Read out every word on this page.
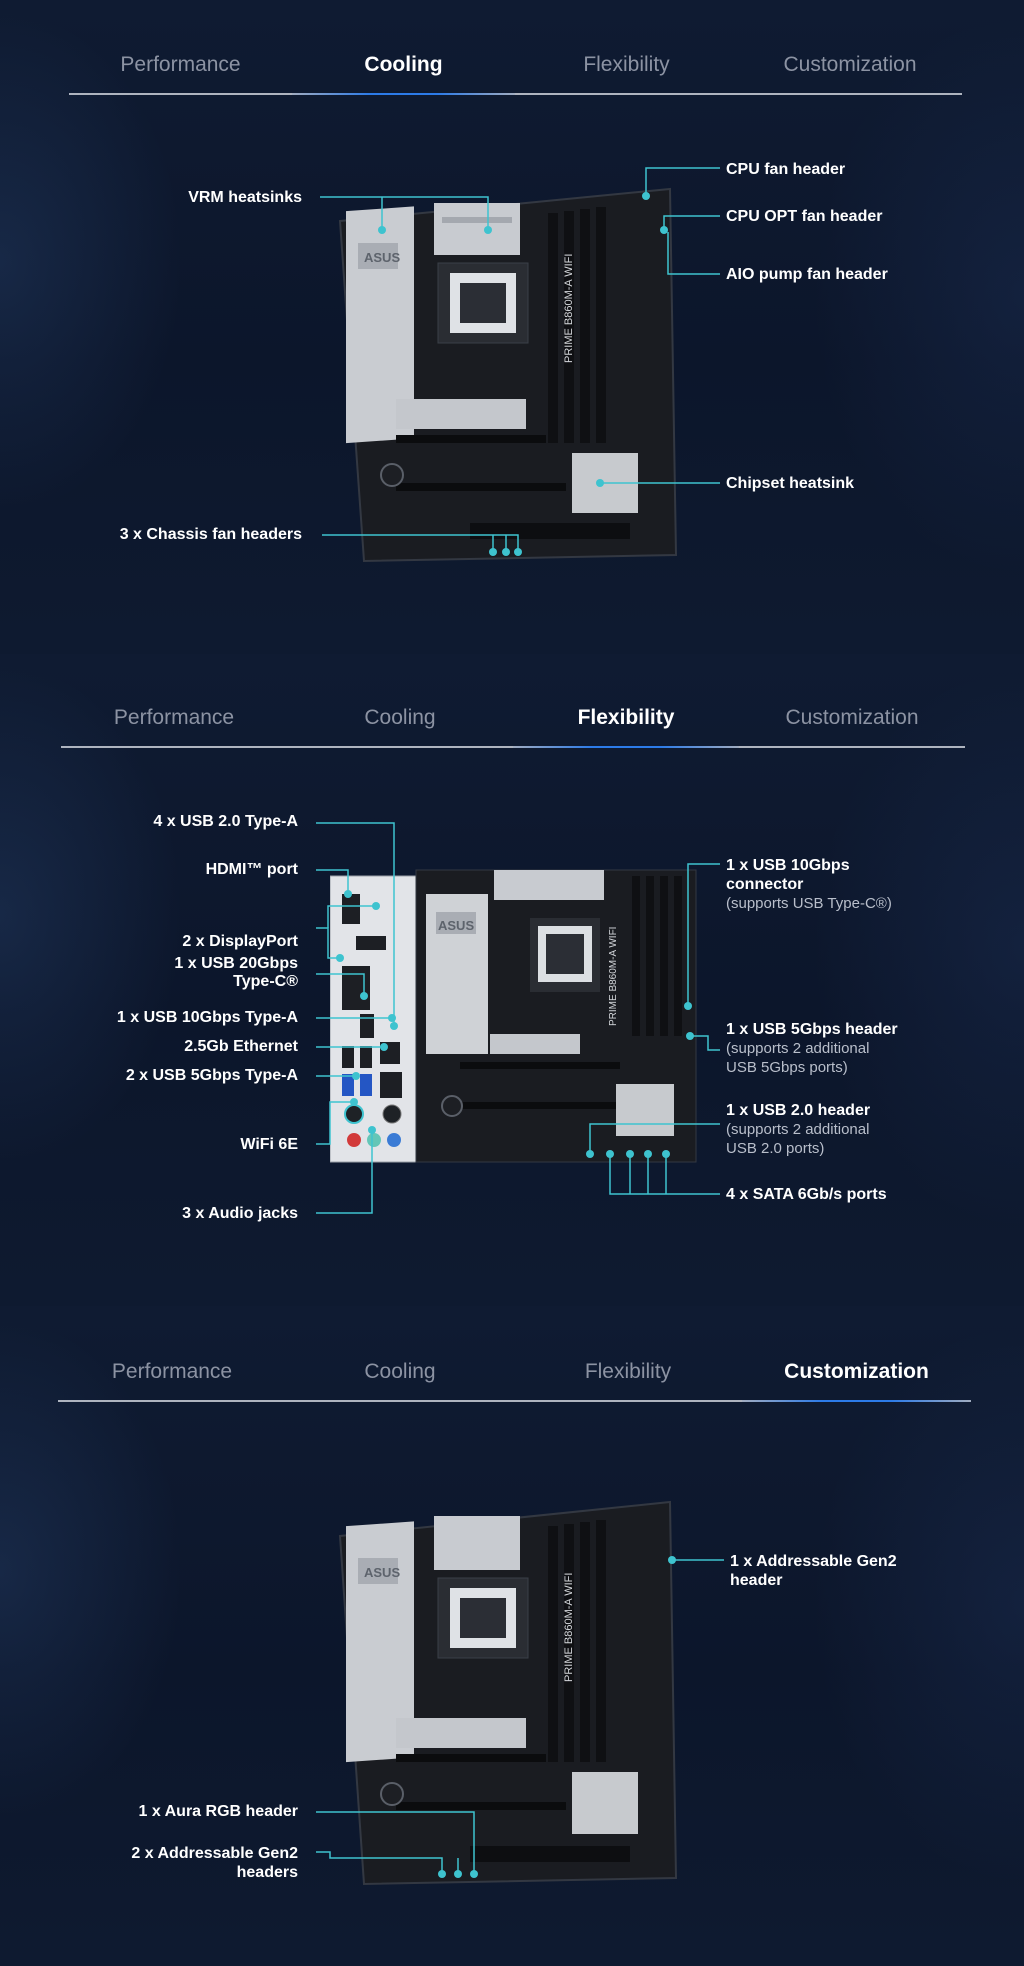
Performance	Cooling	Flexibility	Customization
ASUS	PRIME B860M-A WIFI
VRM heatsinks
3 x Chassis fan headers
CPU fan header
CPU OPT fan header
AIO pump fan header
Chipset heatsink
Performance	Cooling	Flexibility	Customization
ASUS
PRIME B860M-A WIFI
4 x USB 2.0 Type-A
HDMI™ port
2 x DisplayPort
1 x USB 20Gbps
Type-C®
1 x USB 10Gbps Type-A
2.5Gb Ethernet
2 x USB 5Gbps Type-A
WiFi 6E
3 x Audio jacks
1 x USB 10Gbps
connector
(supports USB Type-C®)
1 x USB 5Gbps header
(supports 2 additional
USB 5Gbps ports)
1 x USB 2.0 header
(supports 2 additional
USB 2.0 ports)
4 x SATA 6Gb/s ports
Performance	Cooling	Flexibility	Customization
ASUS
PRIME B860M-A WIFI
1 x Addressable Gen2
header
1 x Aura RGB header
2 x Addressable Gen2
headers
